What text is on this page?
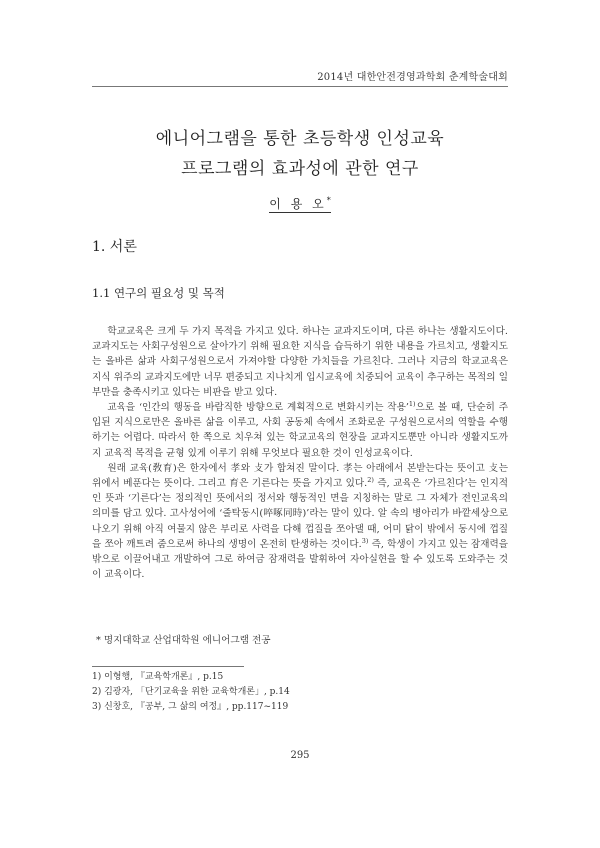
2014년 대한안전경영과학회 춘계학술대회
에니어그램을 통한 초등학생 인성교육
프로그램의 효과성에 관한 연구
이 용 오*
1. 서론
1.1 연구의 필요성 및 목적

학교교육은 크게 두 가지 목적을 가지고 있다. 하나는 교과지도이며, 다른 하나는 생활지도이다. 교과지도는 사회구성원으로 살아가기 위해 필요한 지식을 습득하기 위한 내용을 가르치고, 생활지도는 올바른 삶과 사회구성원으로서 가져야할 다양한 가치들을 가르친다. 그러나 지금의 학교교육은 지식 위주의 교과지도에만 너무 편중되고 지나치게 입시교육에 치중되어 교육이 추구하는 목적의 일부만을 충족시키고 있다는 비판을 받고 있다.

교육을 ‘인간의 행동을 바람직한 방향으로 계획적으로 변화시키는 작용’$^{1)}$으로 볼 때, 단순히 주입된 지식으로만은 올바른 삶을 이루고, 사회 공동체 속에서 조화로운 구성원으로서의 역할을 수행하기는 어렵다. 따라서 한 쪽으로 치우쳐 있는 학교교육의 현장을 교과지도뿐만 아니라 생활지도까지 교육적 목적을 균형 있게 이루기 위해 무엇보다 필요한 것이 인성교육이다.

원래 교육(敎育)은 한자에서 孝와 攴가 합쳐진 말이다. 孝는 아래에서 본받는다는 뜻이고 攴는 위에서 베푼다는 뜻이다. 그리고 育은 기른다는 뜻을 가지고 있다.$^{2)}$ 즉, 교육은 ‘가르친다’는 인지적인 뜻과 ‘기른다’는 정의적인 뜻에서의 정서와 행동적인 면을 지칭하는 말로 그 자체가 전인교육의 의미를 담고 있다. 고사성어에 ‘줄탁동시(啐啄同時)’라는 말이 있다. 알 속의 병아리가 바깥세상으로 나오기 위해 아직 여물지 않은 부리로 사력을 다해 껍질을 쪼아댈 때, 어미 닭이 밖에서 동시에 껍질을 쪼아 깨트려 줌으로써 하나의 생명이 온전히 탄생하는 것이다.$^{3)}$ 즉, 학생이 가지고 있는 잠재력을 밖으로 이끌어내고 개발하여 그로 하여금 잠재력을 발휘하여 자아실현을 할 수 있도록 도와주는 것이 교육이다.

* 명지대학교 산업대학원 에니어그램 전공
1) 이형행, 『교육학개론』, p.15
2) 김광자, 「단기교육을 위한 교육학개론」, p.14
3) 신창호, 『공부, 그 삶의 여정』, pp.117~119
295
